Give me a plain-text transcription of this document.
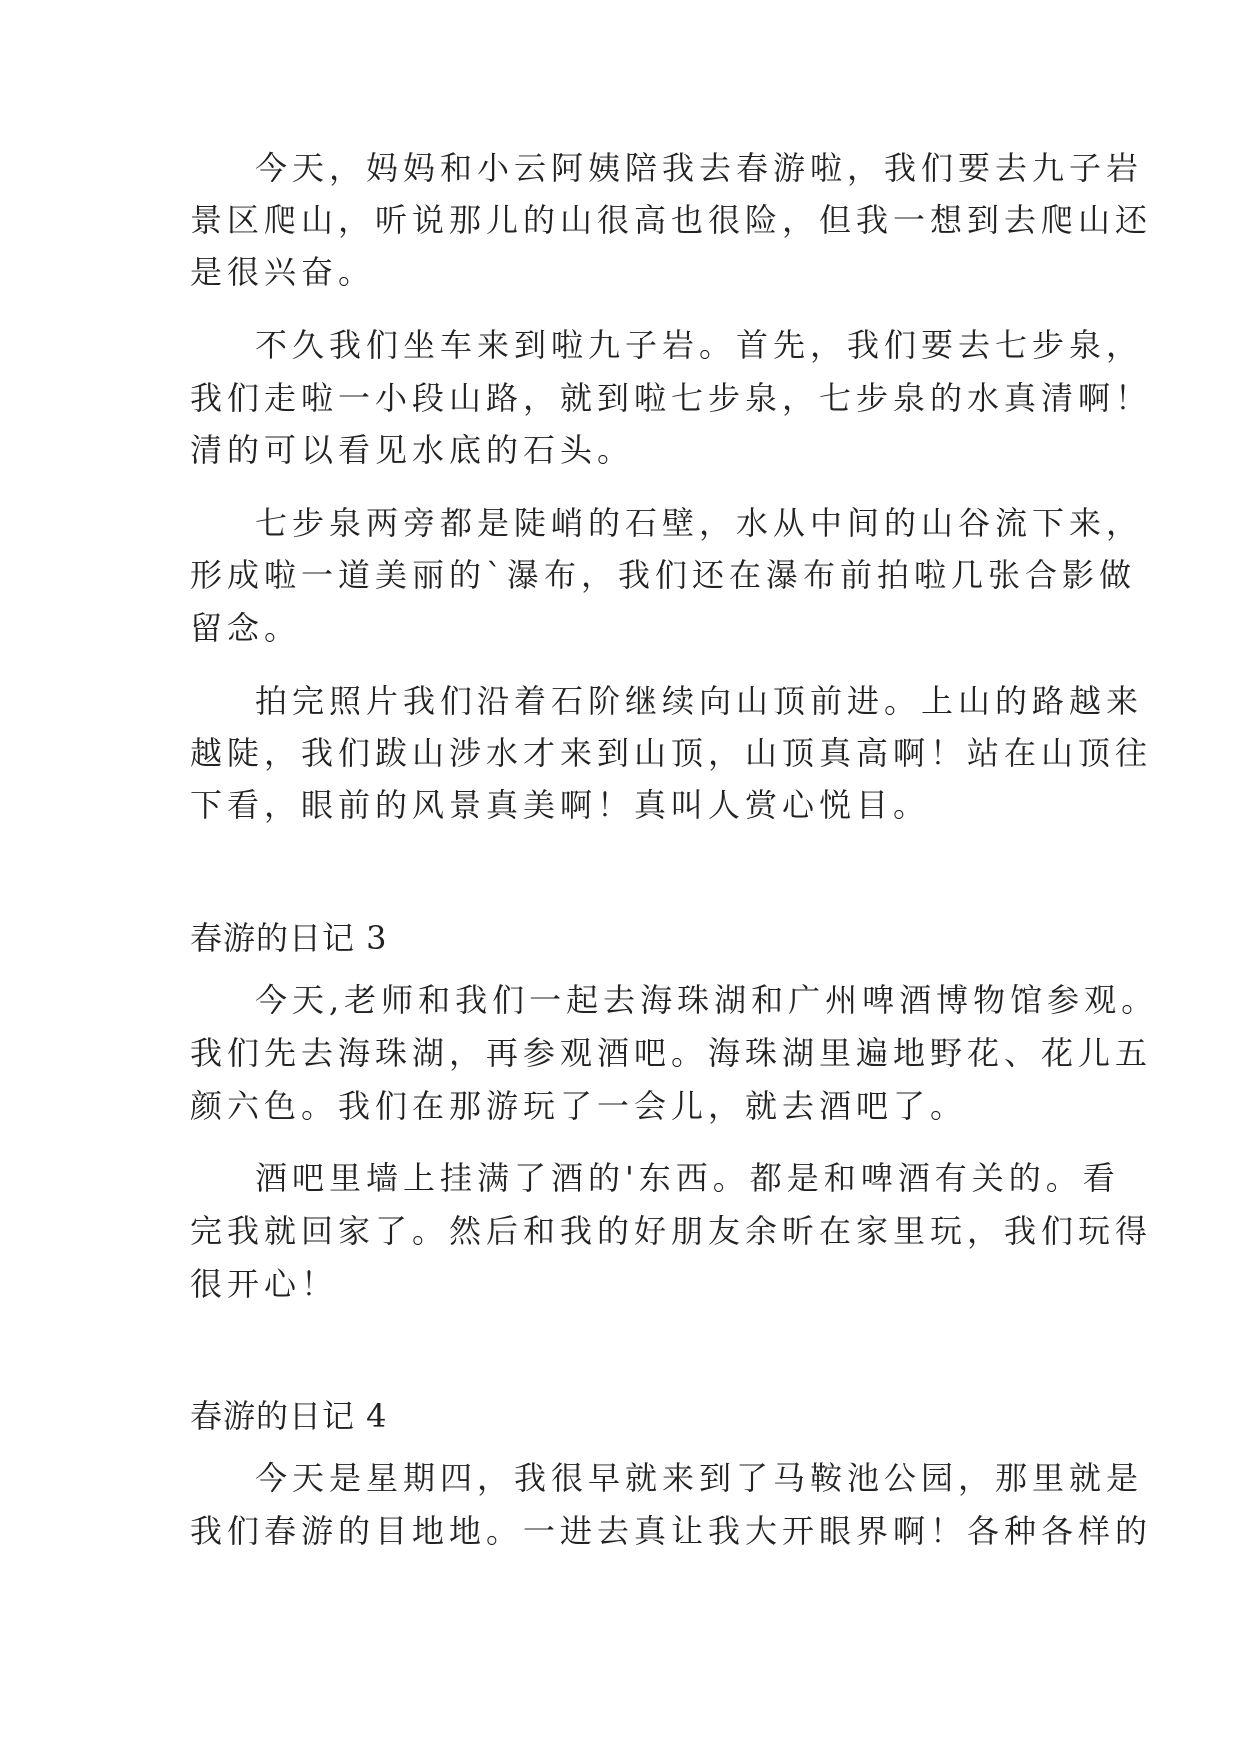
今天，妈妈和小云阿姨陪我去春游啦，我们要去九子岩
景区爬山，听说那儿的山很高也很险，但我一想到去爬山还
是很兴奋。
不久我们坐车来到啦九子岩。首先，我们要去七步泉，
我们走啦一小段山路，就到啦七步泉，七步泉的水真清啊！
清的可以看见水底的石头。
七步泉两旁都是陡峭的石壁，水从中间的山谷流下来，
形成啦一道美丽的`瀑布，我们还在瀑布前拍啦几张合影做
留念。
拍完照片我们沿着石阶继续向山顶前进。上山的路越来
越陡，我们跋山涉水才来到山顶，山顶真高啊！站在山顶往
下看，眼前的风景真美啊！真叫人赏心悦目。
春游的日记 3
今天,老师和我们一起去海珠湖和广州啤酒博物馆参观。
我们先去海珠湖，再参观酒吧。海珠湖里遍地野花、花儿五
颜六色。我们在那游玩了一会儿，就去酒吧了。
酒吧里墙上挂满了酒的'东西。都是和啤酒有关的。看
完我就回家了。然后和我的好朋友余昕在家里玩，我们玩得
很开心！
春游的日记 4
今天是星期四，我很早就来到了马鞍池公园，那里就是
我们春游的目地地。一进去真让我大开眼界啊！各种各样的
